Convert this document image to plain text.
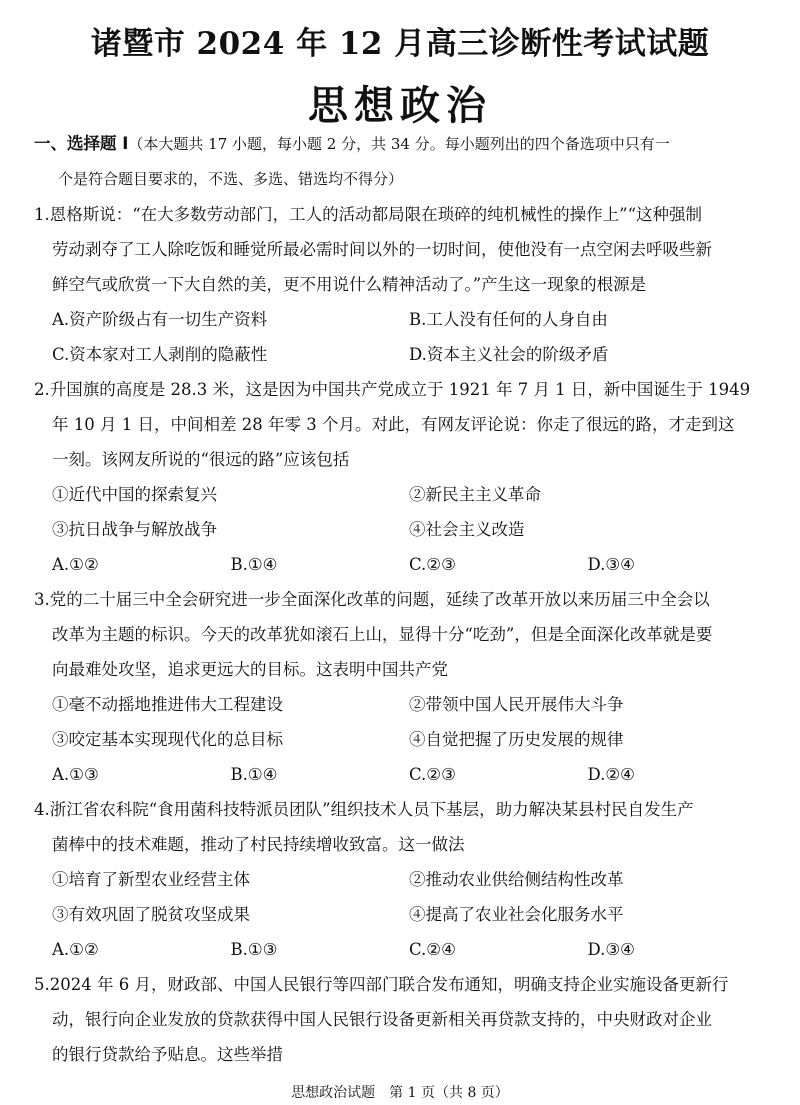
诸暨市 2024 年 12 月高三诊断性考试试题
思想政治
一、选择题 I（本大题共 17 小题，每小题 2 分，共 34 分。每小题列出的四个备选项中只有一
个是符合题目要求的，不选、多选、错选均不得分）
1.恩格斯说：“在大多数劳动部门，工人的活动都局限在琐碎的纯机械性的操作上”“这种强制
劳动剥夺了工人除吃饭和睡觉所最必需时间以外的一切时间，使他没有一点空闲去呼吸些新
鲜空气或欣赏一下大自然的美，更不用说什么精神活动了。”产生这一现象的根源是
A.资产阶级占有一切生产资料	B.工人没有任何的人身自由
C.资本家对工人剥削的隐蔽性	D.资本主义社会的阶级矛盾
2.升国旗的高度是 28.3 米，这是因为中国共产党成立于 1921 年 7 月 1 日，新中国诞生于 1949
年 10 月 1 日，中间相差 28 年零 3 个月。对此，有网友评论说：你走了很远的路，才走到这
一刻。该网友所说的“很远的路”应该包括
①近代中国的探索复兴	②新民主主义革命
③抗日战争与解放战争	④社会主义改造
A.①②	B.①④	C.②③	D.③④
3.党的二十届三中全会研究进一步全面深化改革的问题，延续了改革开放以来历届三中全会以
改革为主题的标识。今天的改革犹如滚石上山，显得十分“吃劲”，但是全面深化改革就是要
向最难处攻坚，追求更远大的目标。这表明中国共产党
①毫不动摇地推进伟大工程建设	②带领中国人民开展伟大斗争
③咬定基本实现现代化的总目标	④自觉把握了历史发展的规律
A.①③	B.①④	C.②③	D.②④
4.浙江省农科院“食用菌科技特派员团队”组织技术人员下基层，助力解决某县村民自发生产
菌棒中的技术难题，推动了村民持续增收致富。这一做法
①培育了新型农业经营主体	②推动农业供给侧结构性改革
③有效巩固了脱贫攻坚成果	④提高了农业社会化服务水平
A.①②	B.①③	C.②④	D.③④
5.2024 年 6 月，财政部、中国人民银行等四部门联合发布通知，明确支持企业实施设备更新行
动，银行向企业发放的贷款获得中国人民银行设备更新相关再贷款支持的，中央财政对企业
的银行贷款给予贴息。这些举措
思想政治试题　第 1 页（共 8 页）
